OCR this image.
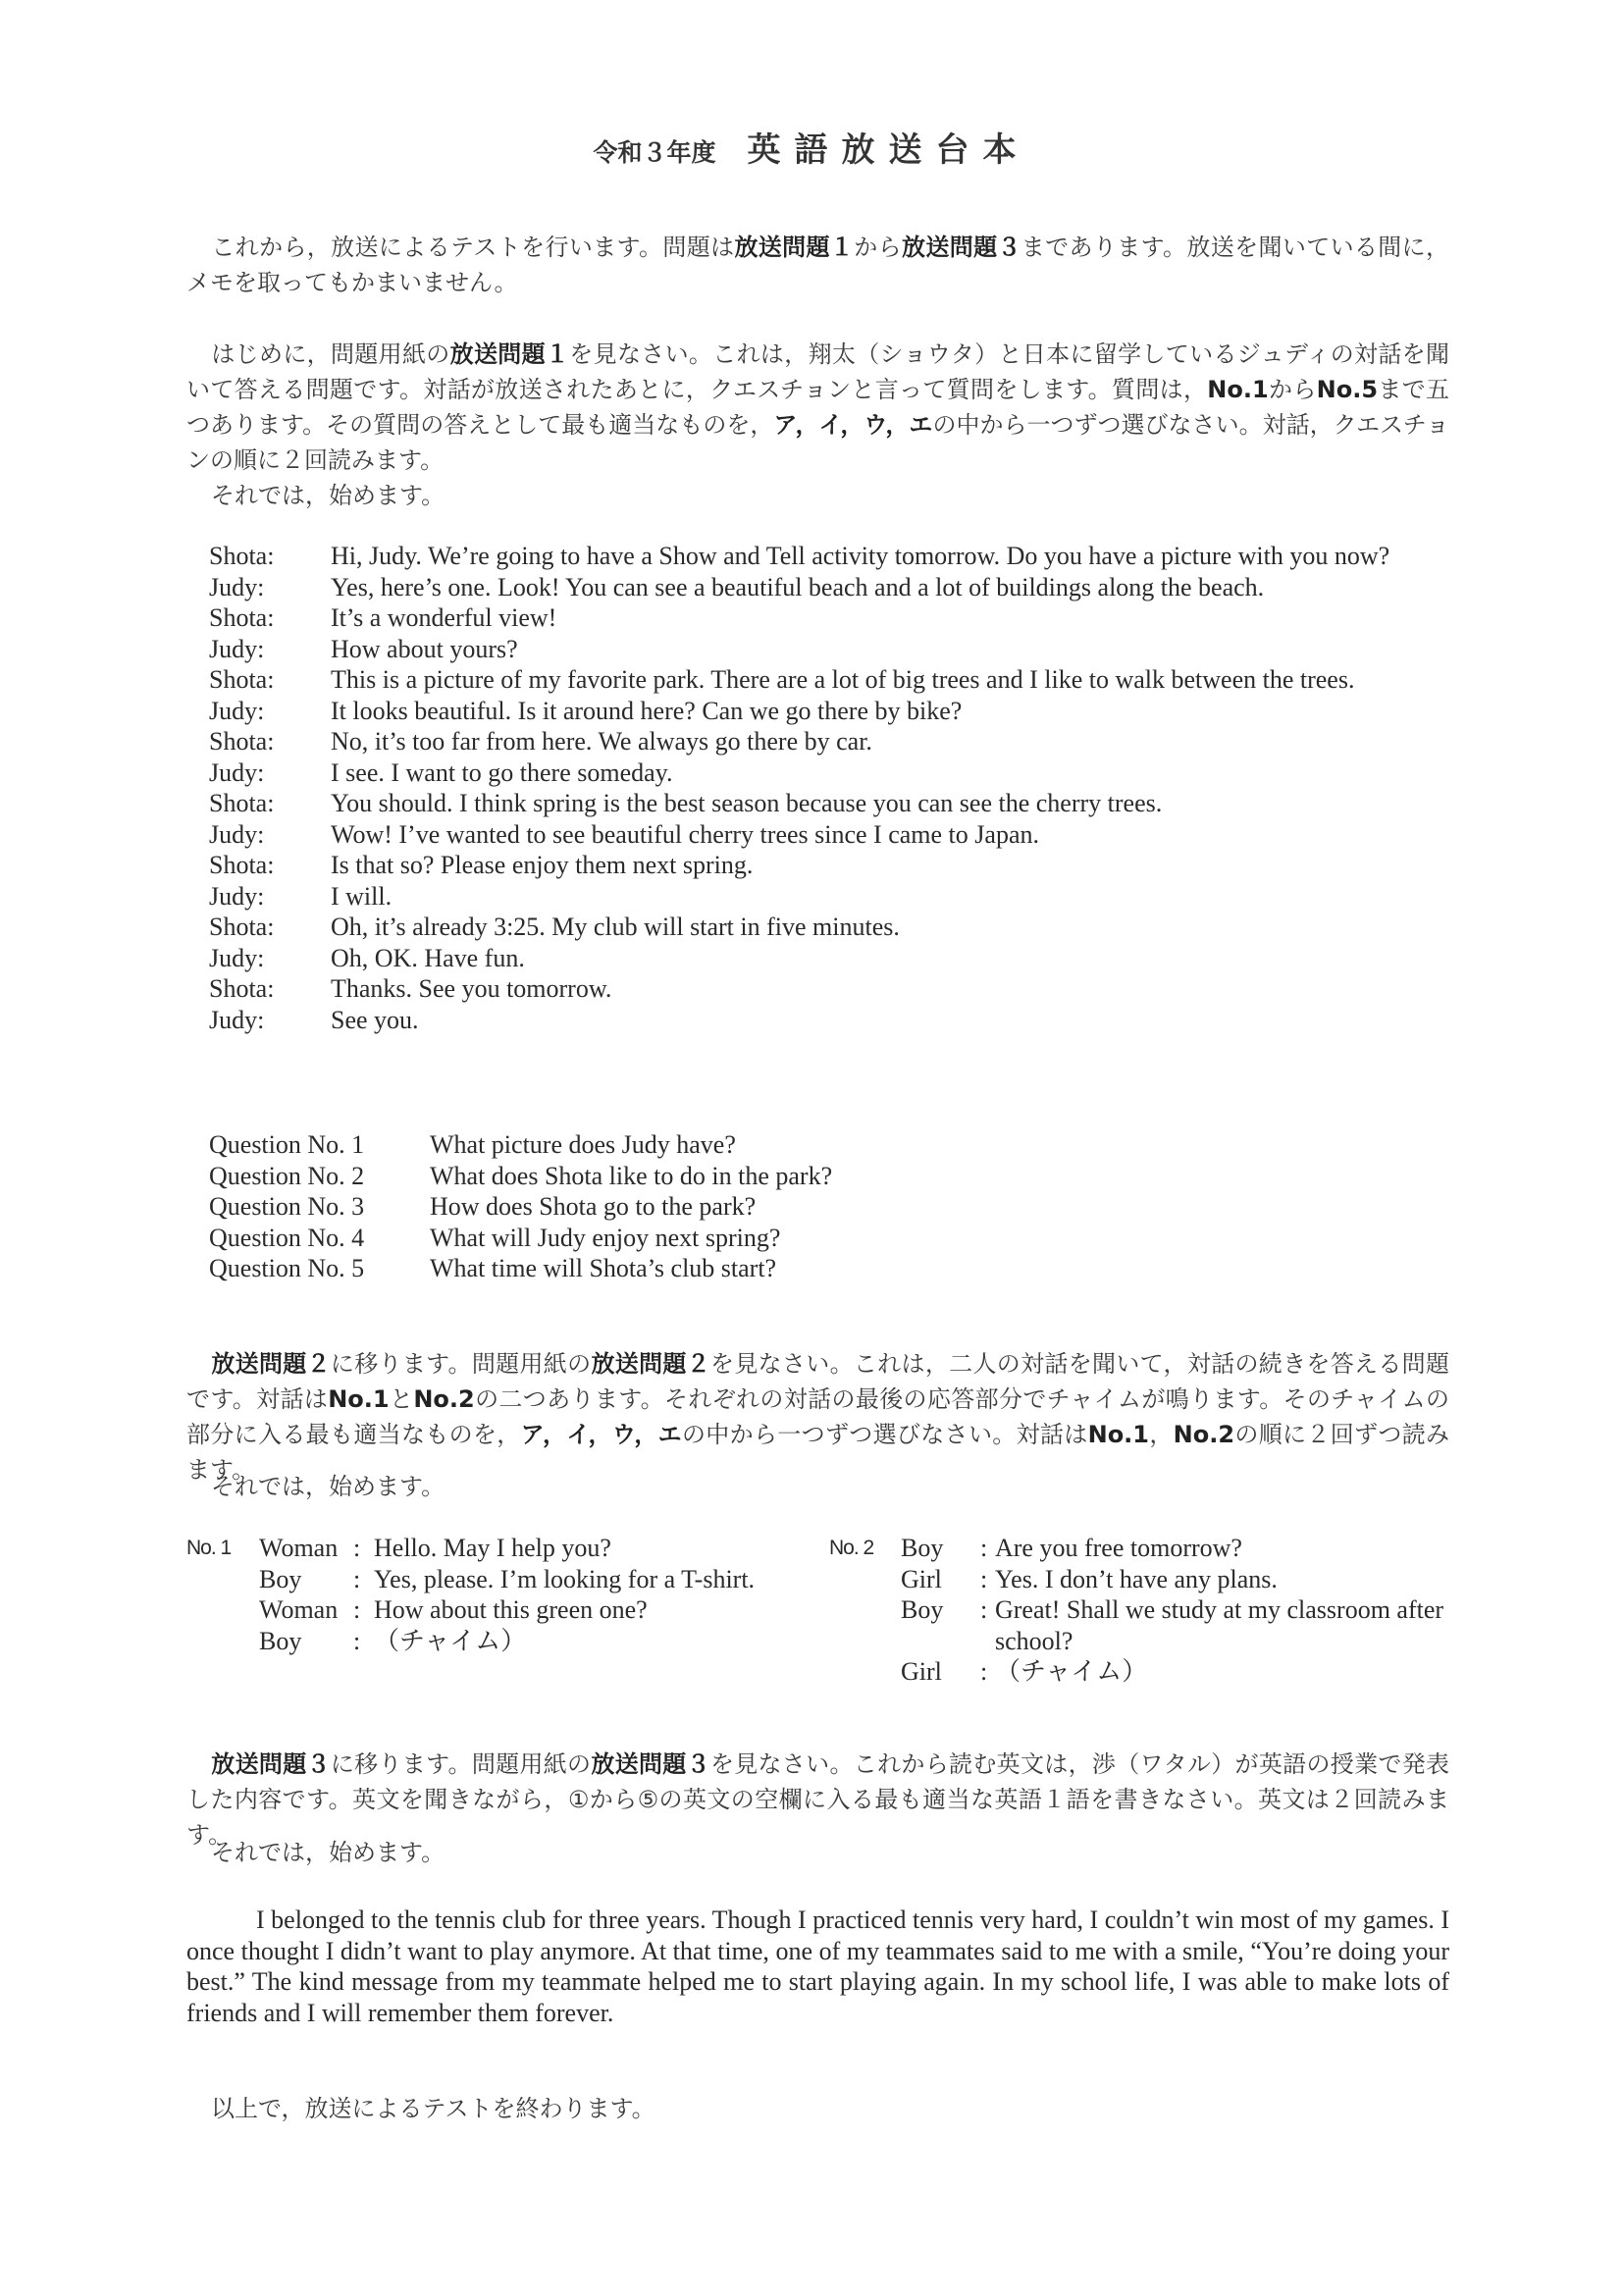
令和３年度 英語放送台本
これから，放送によるテストを行います。問題は放送問題１から放送問題３まであります。放送を聞いている間に，メモを取ってもかまいません。
はじめに，問題用紙の放送問題１を見なさい。これは，翔太（ショウタ）と日本に留学しているジュディの対話を聞いて答える問題です。対話が放送されたあとに，クエスチョンと言って質問をします。質問は，No.1からNo.5まで五つあります。その質問の答えとして最も適当なものを，ア，イ，ウ，エの中から一つずつ選びなさい。対話，クエスチョンの順に２回読みます。
それでは，始めます。
Shota:	Hi, Judy. We’re going to have a Show and Tell activity tomorrow. Do you have a picture with you now?
Judy:	Yes, here’s one. Look! You can see a beautiful beach and a lot of buildings along the beach.
Shota:	It’s a wonderful view!
Judy:	How about yours?
Shota:	This is a picture of my favorite park. There are a lot of big trees and I like to walk between the trees.
Judy:	It looks beautiful. Is it around here? Can we go there by bike?
Shota:	No, it’s too far from here. We always go there by car.
Judy:	I see. I want to go there someday.
Shota:	You should. I think spring is the best season because you can see the cherry trees.
Judy:	Wow! I’ve wanted to see beautiful cherry trees since I came to Japan.
Shota:	Is that so? Please enjoy them next spring.
Judy:	I will.
Shota:	Oh, it’s already 3:25. My club will start in five minutes.
Judy:	Oh, OK. Have fun.
Shota:	Thanks. See you tomorrow.
Judy:	See you.
Question No. 1	What picture does Judy have?
Question No. 2	What does Shota like to do in the park?
Question No. 3	How does Shota go to the park?
Question No. 4	What will Judy enjoy next spring?
Question No. 5	What time will Shota’s club start?
放送問題２に移ります。問題用紙の放送問題２を見なさい。これは，二人の対話を聞いて，対話の続きを答える問題です。対話はNo.1とNo.2の二つあります。それぞれの対話の最後の応答部分でチャイムが鳴ります。そのチャイムの部分に入る最も適当なものを，ア，イ，ウ，エの中から一つずつ選びなさい。対話はNo.1，No.2の順に２回ずつ読みます。
それでは，始めます。
No. 1	Woman : Hello. May I help you?
Boy	: Yes, please. I’m looking for a T-shirt.
Woman : How about this green one?
Boy	: （チャイム）
No. 2	Boy	: Are you free tomorrow?
Girl	: Yes. I don’t have any plans.
Boy	: Great! Shall we study at my classroom after school?
Girl	: （チャイム）
放送問題３に移ります。問題用紙の放送問題３を見なさい。これから読む英文は，渉（ワタル）が英語の授業で発表した内容です。英文を聞きながら，①から⑤の英文の空欄に入る最も適当な英語１語を書きなさい。英文は２回読みます。
それでは，始めます。
I belonged to the tennis club for three years. Though I practiced tennis very hard, I couldn’t win most of my games. I once thought I didn’t want to play anymore. At that time, one of my teammates said to me with a smile, “You’re doing your best.” The kind message from my teammate helped me to start playing again. In my school life, I was able to make lots of friends and I will remember them forever.
以上で，放送によるテストを終わります。
